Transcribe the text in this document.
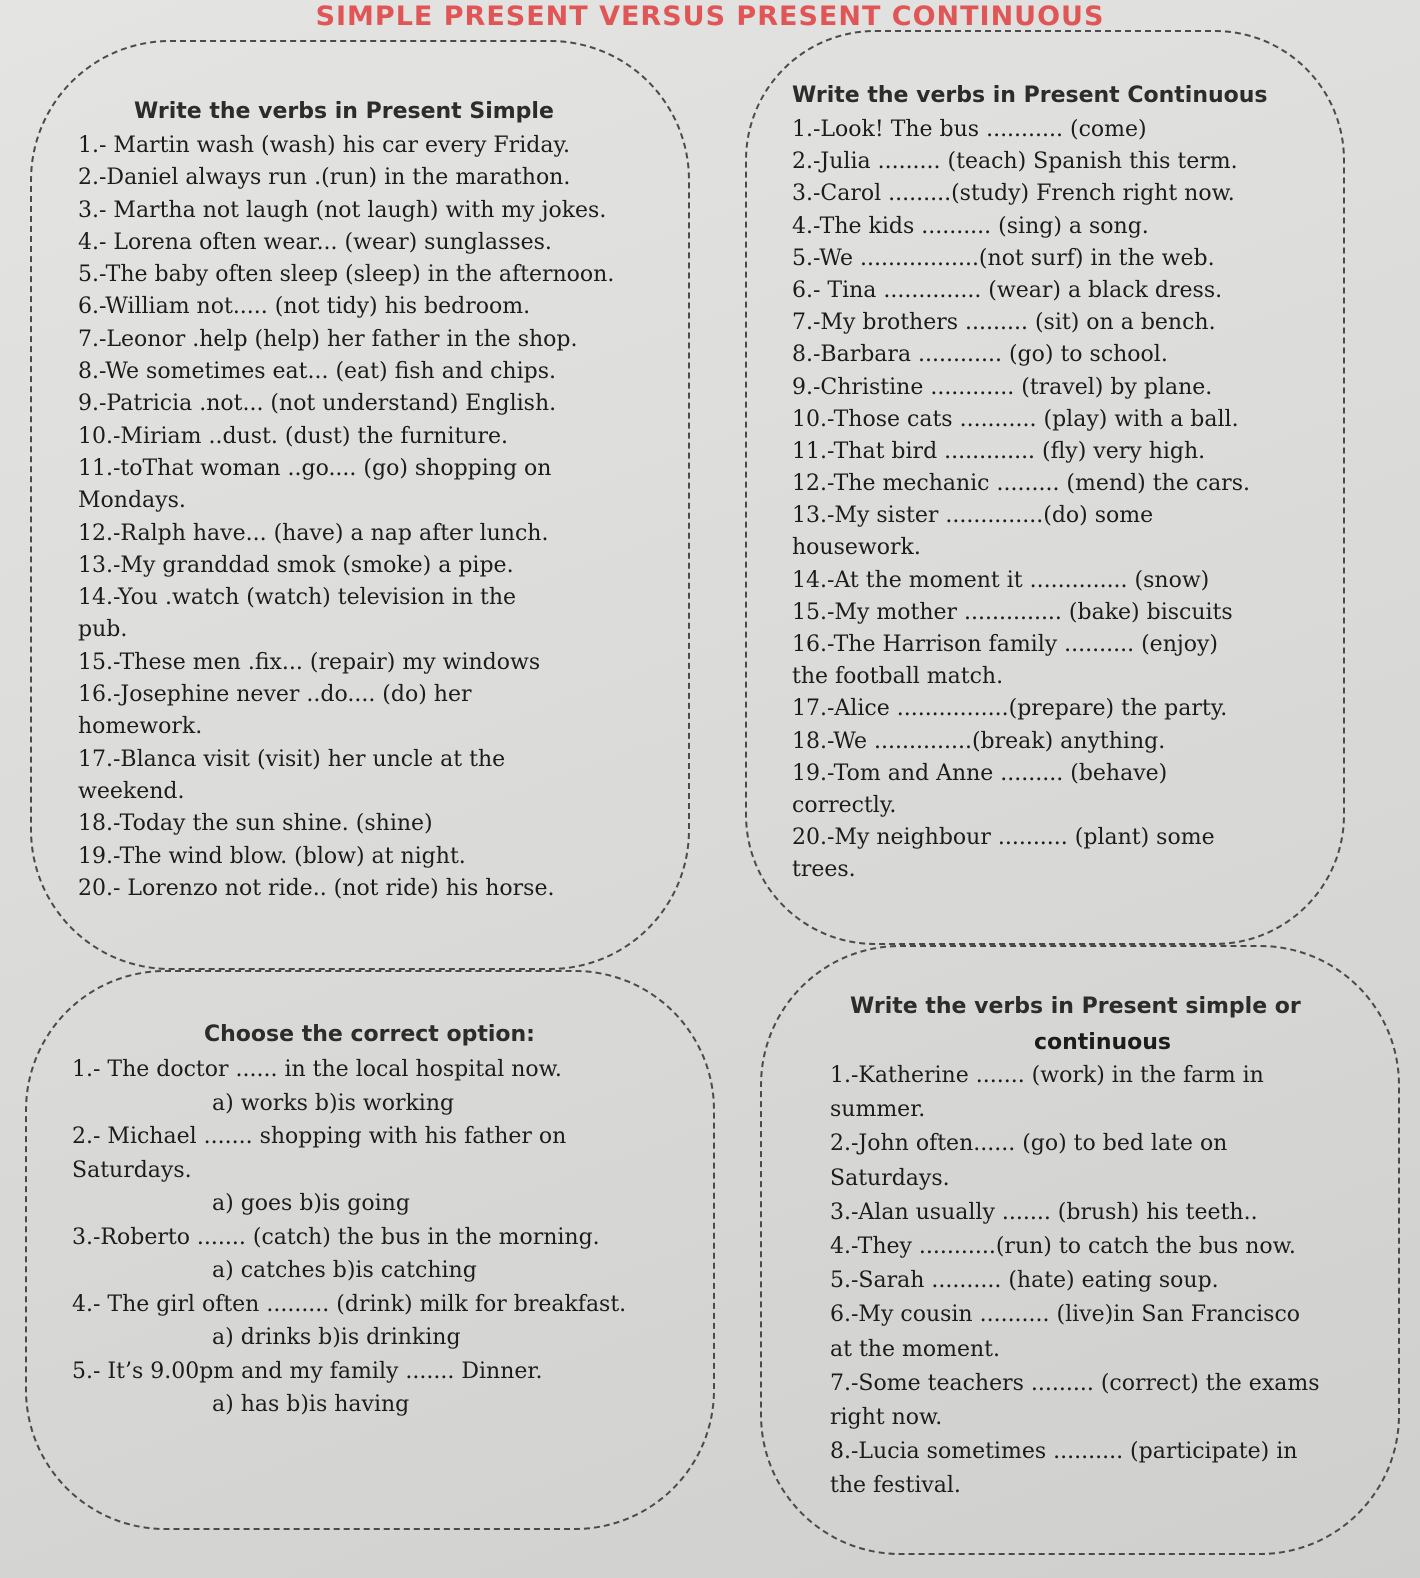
SIMPLE PRESENT VERSUS PRESENT CONTINUOUS
Write the verbs in Present Simple
1.- Martin wash (wash) his car every Friday.
2.-Daniel always run .(run) in the marathon.
3.- Martha not laugh (not laugh) with my jokes.
4.- Lorena often wear... (wear) sunglasses.
5.-The baby often sleep (sleep) in the afternoon.
6.-William not..... (not tidy) his bedroom.
7.-Leonor .help (help) her father in the shop.
8.-We sometimes eat... (eat) fish and chips.
9.-Patricia .not... (not understand) English.
10.-Miriam ..dust. (dust) the furniture.
11.-toThat woman ..go.... (go) shopping on
Mondays.
12.-Ralph have... (have) a nap after lunch.
13.-My granddad smok (smoke) a pipe.
14.-You .watch (watch) television in the
pub.
15.-These men .fix... (repair) my windows
16.-Josephine never ..do.... (do) her
homework.
17.-Blanca visit (visit) her uncle at the
weekend.
18.-Today the sun shine. (shine)
19.-The wind blow. (blow) at night.
20.- Lorenzo not ride.. (not ride) his horse.
Write the verbs in Present Continuous
1.-Look! The bus ........... (come)
2.-Julia ......... (teach) Spanish this term.
3.-Carol .........(study) French right now.
4.-The kids .......... (sing) a song.
5.-We .................(not surf) in the web.
6.- Tina .............. (wear) a black dress.
7.-My brothers ......... (sit) on a bench.
8.-Barbara ............ (go) to school.
9.-Christine ............ (travel) by plane.
10.-Those cats ........... (play) with a ball.
11.-That bird ............. (fly) very high.
12.-The mechanic ......... (mend) the cars.
13.-My sister ..............(do) some
housework.
14.-At the moment it .............. (snow)
15.-My mother .............. (bake) biscuits
16.-The Harrison family .......... (enjoy)
the football match.
17.-Alice ................(prepare) the party.
18.-We ..............(break) anything.
19.-Tom and Anne ......... (behave)
correctly.
20.-My neighbour .......... (plant) some
trees.
Choose the correct option:
1.- The doctor ...... in the local hospital now.
a) works b)is working
2.- Michael ....... shopping with his father on
Saturdays.
a) goes b)is going
3.-Roberto ....... (catch) the bus in the morning.
a) catches b)is catching
4.- The girl often ......... (drink) milk for breakfast.
a) drinks b)is drinking
5.- It’s 9.00pm and my family ....... Dinner.
a) has b)is having
Write the verbs in Present simple or
continuous
1.-Katherine ....... (work) in the farm in
summer.
2.-John often...... (go) to bed late on
Saturdays.
3.-Alan usually ....... (brush) his teeth..
4.-They ...........(run) to catch the bus now.
5.-Sarah .......... (hate) eating soup.
6.-My cousin .......... (live)in San Francisco
at the moment.
7.-Some teachers ......... (correct) the exams
right now.
8.-Lucia sometimes .......... (participate) in
the festival.
